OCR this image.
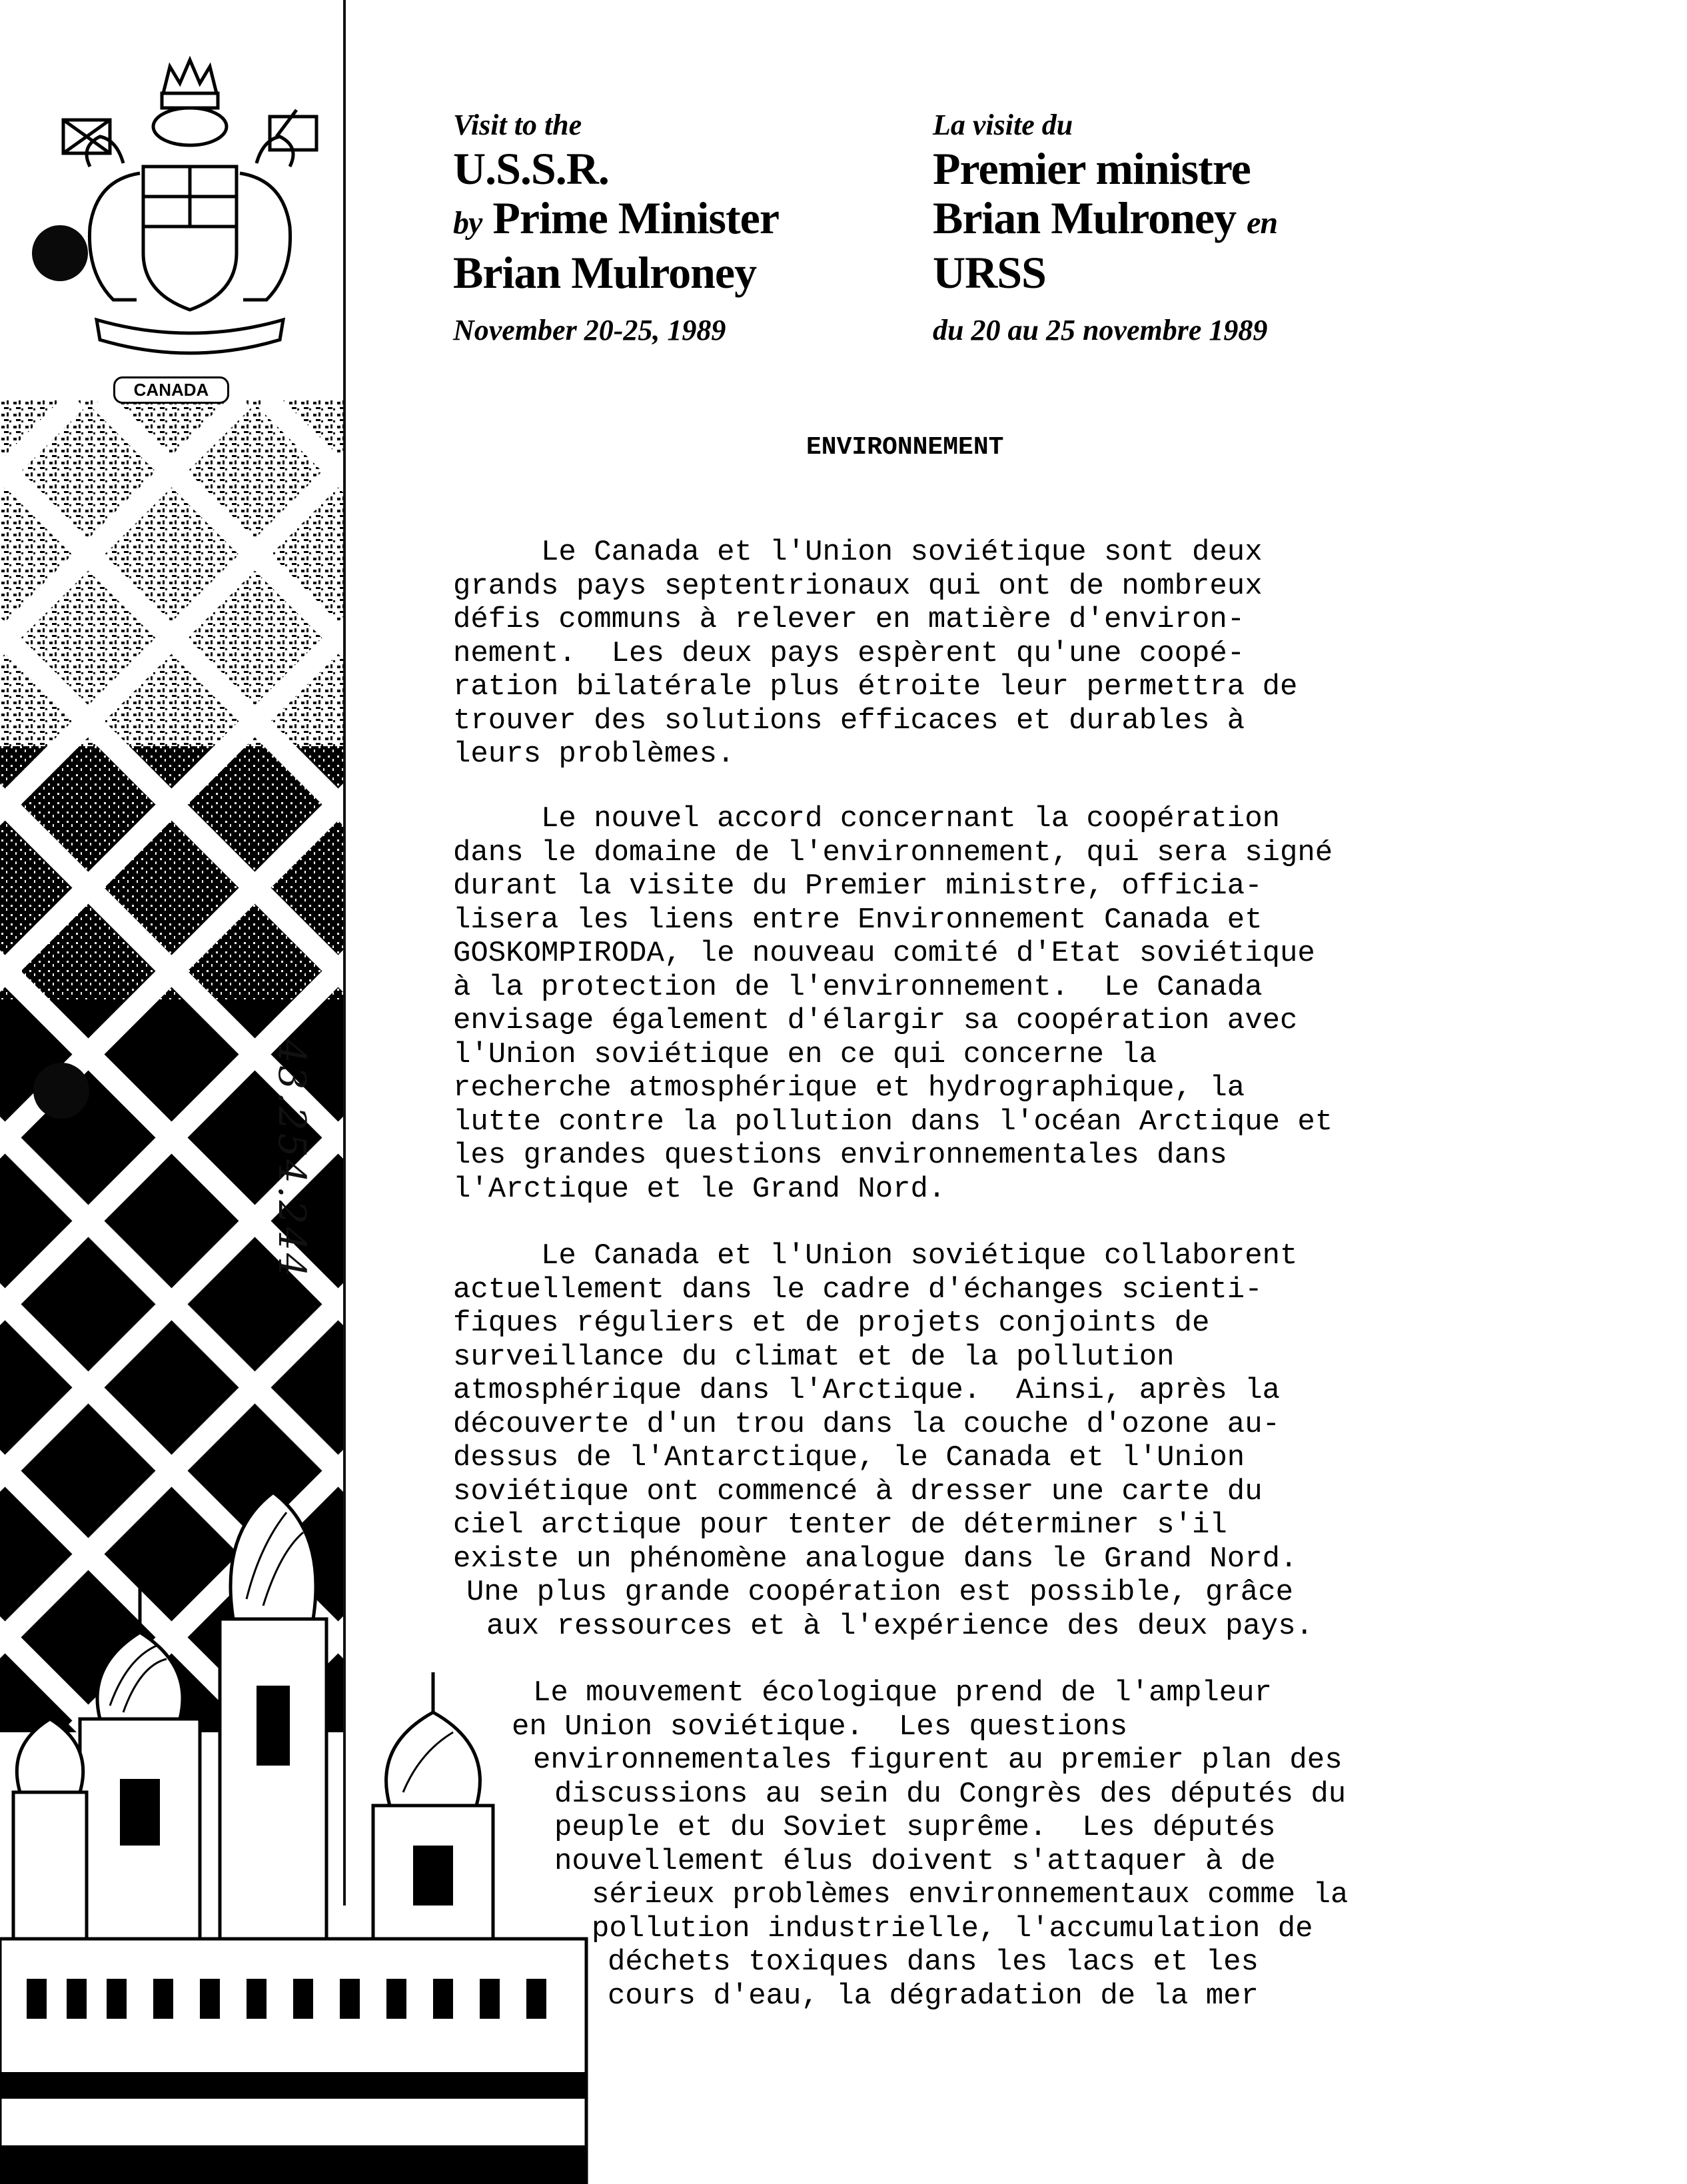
CANADA
43.254.244
Visit to the
U.S.S.R.
by Prime Minister
Brian Mulroney
November 20-25, 1989
La visite du
Premier ministre
Brian Mulroney en
URSS
du 20 au 25 novembre 1989
ENVIRONNEMENT
Le Canada et l'Union soviétique sont deux
grands pays septentrionaux qui ont de nombreux
défis communs à relever en matière d'environ-
nement.  Les deux pays espèrent qu'une coopé-
ration bilatérale plus étroite leur permettra de
trouver des solutions efficaces et durables à
leurs problèmes.
Le nouvel accord concernant la coopération
dans le domaine de l'environnement, qui sera signé
durant la visite du Premier ministre, officia-
lisera les liens entre Environnement Canada et
GOSKOMPIRODA, le nouveau comité d'Etat soviétique
à la protection de l'environnement.  Le Canada
envisage également d'élargir sa coopération avec
l'Union soviétique en ce qui concerne la
recherche atmosphérique et hydrographique, la
lutte contre la pollution dans l'océan Arctique et
les grandes questions environnementales dans
l'Arctique et le Grand Nord.
Le Canada et l'Union soviétique collaborent
actuellement dans le cadre d'échanges scienti-
fiques réguliers et de projets conjoints de
surveillance du climat et de la pollution
atmosphérique dans l'Arctique.  Ainsi, après la
découverte d'un trou dans la couche d'ozone au-
dessus de l'Antarctique, le Canada et l'Union
soviétique ont commencé à dresser une carte du
ciel arctique pour tenter de déterminer s'il
existe un phénomène analogue dans le Grand Nord.
Une plus grande coopération est possible, grâce
aux ressources et à l'expérience des deux pays.
Le mouvement écologique prend de l'ampleur
en Union soviétique.  Les questions
environnementales figurent au premier plan des
discussions au sein du Congrès des députés du
peuple et du Soviet suprême.  Les députés
nouvellement élus doivent s'attaquer à de
sérieux problèmes environnementaux comme la
pollution industrielle, l'accumulation de
déchets toxiques dans les lacs et les
cours d'eau, la dégradation de la mer
